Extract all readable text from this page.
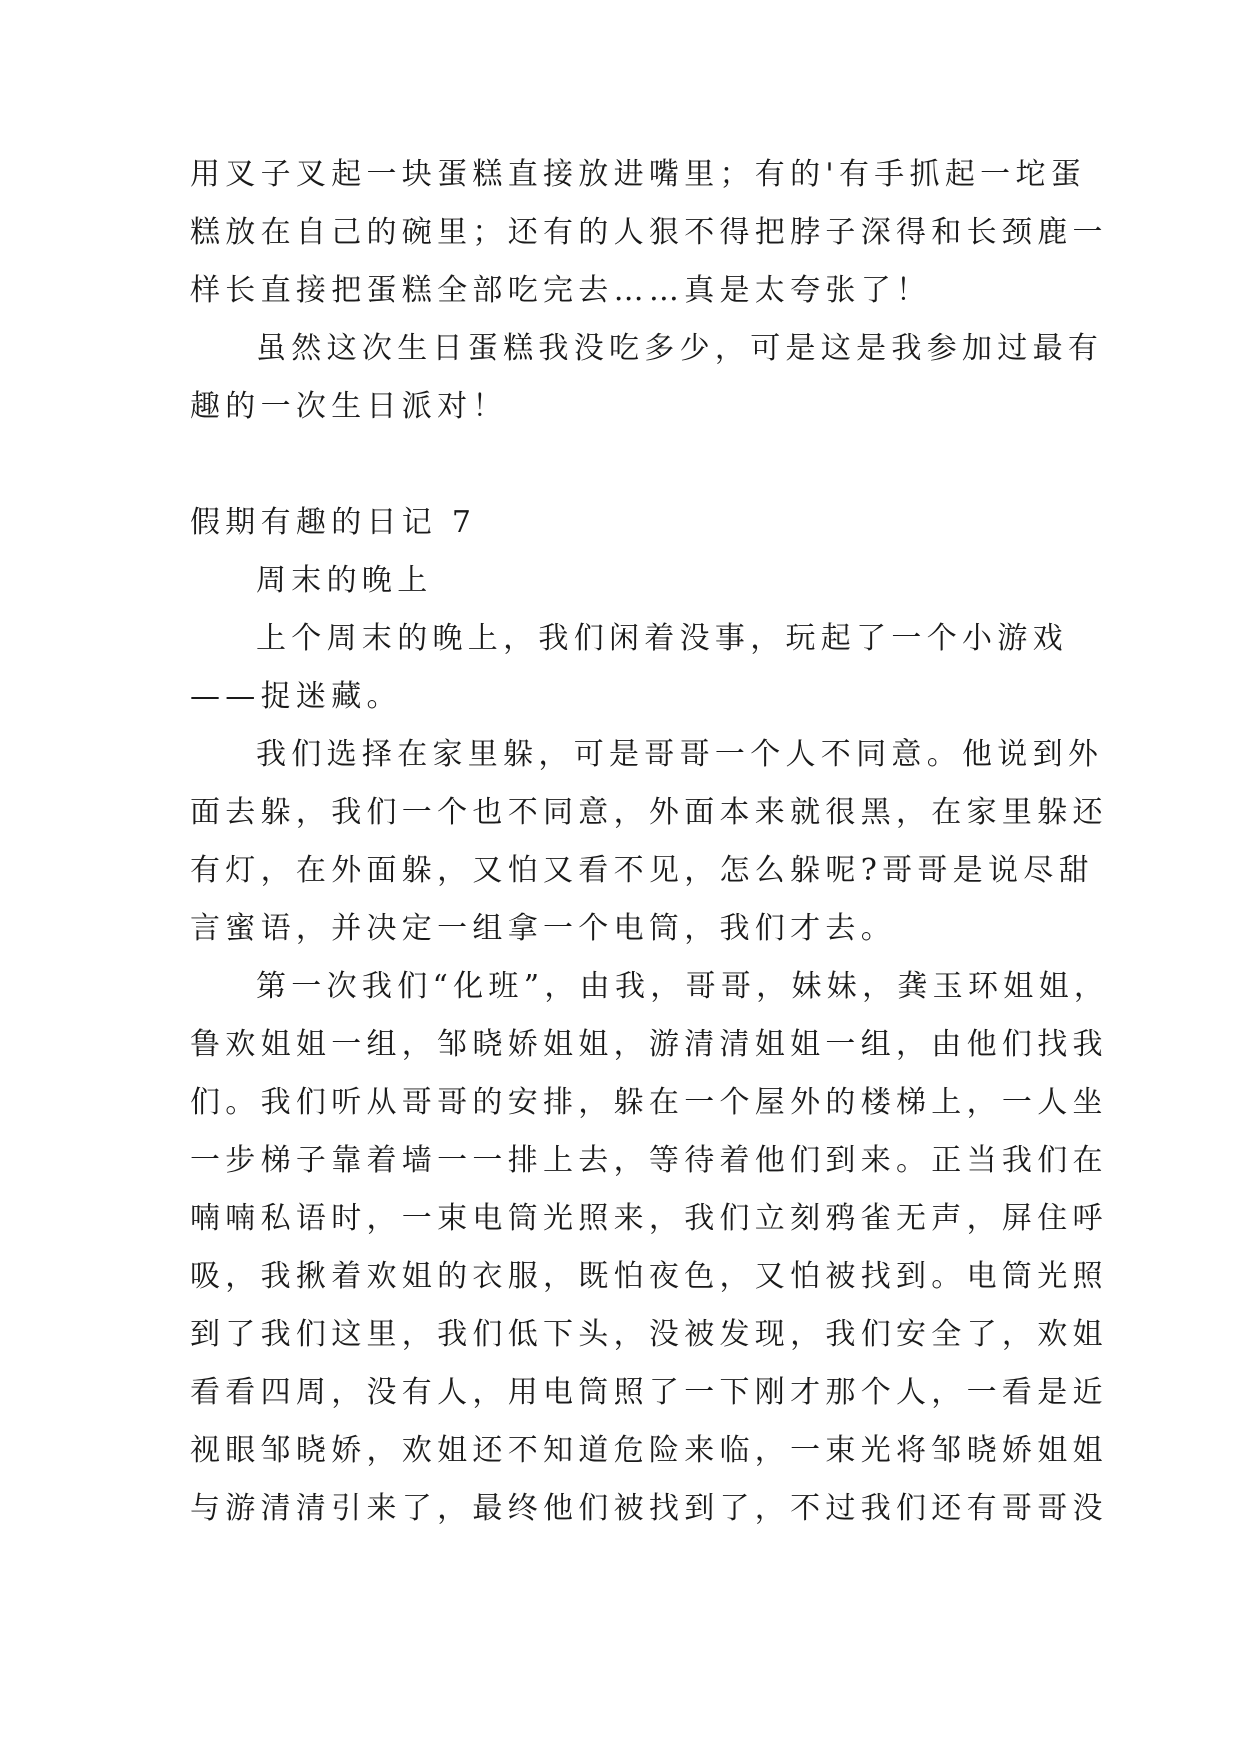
用叉子叉起一块蛋糕直接放进嘴里；有的'有手抓起一坨蛋
糕放在自己的碗里；还有的人狠不得把脖子深得和长颈鹿一
样长直接把蛋糕全部吃完去……真是太夸张了！
虽然这次生日蛋糕我没吃多少，可是这是我参加过最有
趣的一次生日派对！
假期有趣的日记 7
周末的晚上
上个周末的晚上，我们闲着没事，玩起了一个小游戏
——捉迷藏。
我们选择在家里躲，可是哥哥一个人不同意。他说到外
面去躲，我们一个也不同意，外面本来就很黑，在家里躲还
有灯，在外面躲，又怕又看不见，怎么躲呢?哥哥是说尽甜
言蜜语，并决定一组拿一个电筒，我们才去。
第一次我们“化班”，由我，哥哥，妹妹，龚玉环姐姐，
鲁欢姐姐一组，邹晓娇姐姐，游清清姐姐一组，由他们找我
们。我们听从哥哥的安排，躲在一个屋外的楼梯上，一人坐
一步梯子靠着墙一一排上去，等待着他们到来。正当我们在
喃喃私语时，一束电筒光照来，我们立刻鸦雀无声，屏住呼
吸，我揪着欢姐的衣服，既怕夜色，又怕被找到。电筒光照
到了我们这里，我们低下头，没被发现，我们安全了，欢姐
看看四周，没有人，用电筒照了一下刚才那个人，一看是近
视眼邹晓娇，欢姐还不知道危险来临，一束光将邹晓娇姐姐
与游清清引来了，最终他们被找到了，不过我们还有哥哥没
